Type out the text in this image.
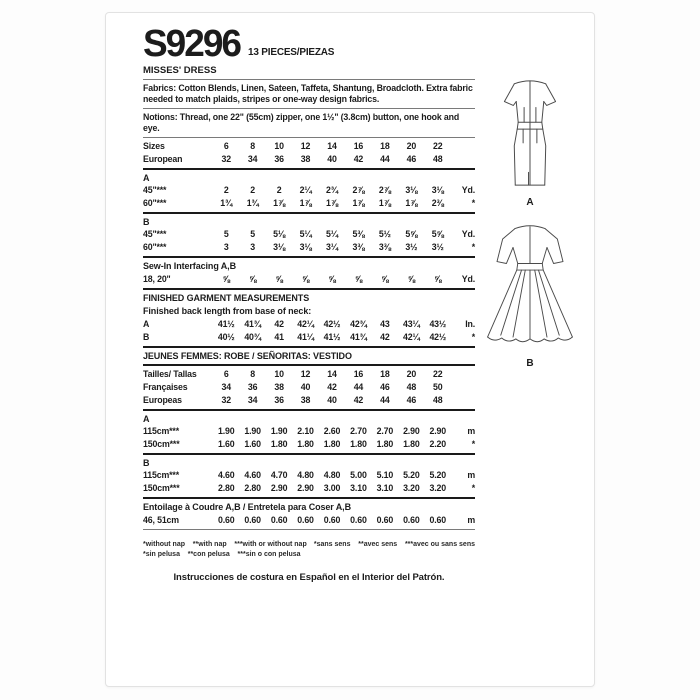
S9296 13 PIECES/PIEZAS
MISSES' DRESS
Fabrics: Cotton Blends, Linen, Sateen, Taffeta, Shantung, Broadcloth. Extra fabric needed to match plaids, stripes or one-way design fabrics.
Notions: Thread, one 22" (55cm) zipper, one 1½" (3.8cm) button, one hook and eye.
Sizes	6	8	10	12	14	16	18	20	22
European	32	34	36	38	40	42	44	46	48
A
45"***	2	2	2	2¼	2¾	2⅞	2⅞	3⅛	3⅛	Yd.
60"***	1¾	1¾	1⅞	1⅞	1⅞	1⅞	1⅞	1⅞	2⅜	*
B
45"***	5	5	5⅛	5¼	5¼	5⅜	5½	5⅝	5⅝	Yd.
60"***	3	3	3⅛	3⅛	3¼	3⅜	3⅜	3½	3½	*
Sew-In Interfacing A,B
18, 20"	⅝	⅝	⅝	⅝	⅝	⅝	⅝	⅝	⅝	Yd.
FINISHED GARMENT MEASUREMENTS
Finished back length from base of neck:
A	41½	41¾	42	42¼	42½	42¾	43	43¼	43½	In.
B	40½	40¾	41	41¼	41½	41¾	42	42¼	42½	*
JEUNES FEMMES: ROBE / SEÑORITAS: VESTIDO
Tailles/ Tallas	6	8	10	12	14	16	18	20	22
Françaises	34	36	38	40	42	44	46	48	50
Europeas	32	34	36	38	40	42	44	46	48
A
115cm***	1.90	1.90	1.90	2.10	2.60	2.70	2.70	2.90	2.90	m
150cm***	1.60	1.60	1.80	1.80	1.80	1.80	1.80	1.80	2.20	*
B
115cm***	4.60	4.60	4.70	4.80	4.80	5.00	5.10	5.20	5.20	m
150cm***	2.80	2.80	2.90	2.90	3.00	3.10	3.10	3.20	3.20	*
Entoilage à Coudre A,B / Entretela para Coser A,B
46, 51cm	0.60	0.60	0.60	0.60	0.60	0.60	0.60	0.60	0.60	m
*without nap    **with nap    ***with or without nap *sans sens    **avec sens    ***avec ou sans sens
*sin pelusa    **con pelusa    ***sin o con pelusa
Instrucciones de costura en Español en el Interior del Patrón.
A
B
